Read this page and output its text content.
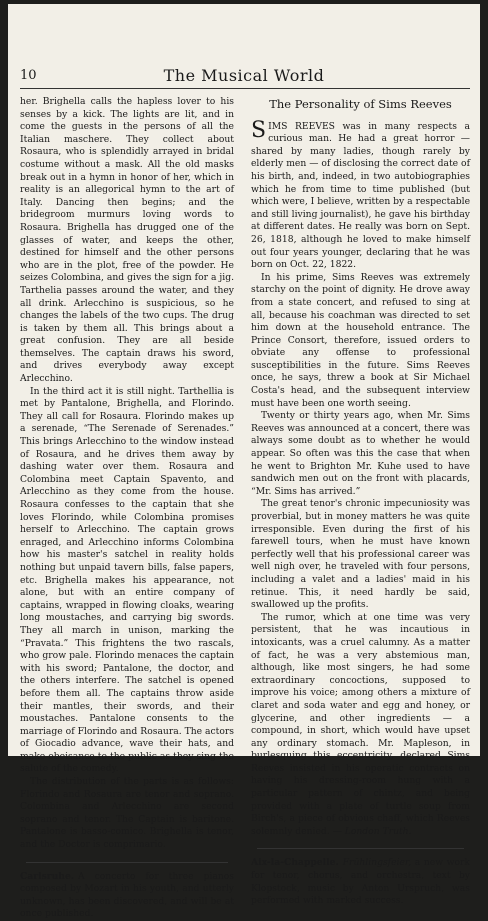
10	The Musical World

her. Brighella calls the hapless lover to his senses by a kick. The lights are lit, and in come the guests in the persons of all the Italian maschere. They collect about Rosaura, who is splendidly arrayed in bridal costume without a mask. All the old masks break out in a hymn in honor of her, which in reality is an allegorical hymn to the art of Italy. Dancing then begins; and the bridegroom murmurs loving words to Rosaura. Brighella has drugged one of the glasses of water, and keeps the other, destined for himself and the other persons who are in the plot, free of the powder. He seizes Colombina, and gives the sign for a jig. Tarthelia passes around the water, and they all drink. Arlecchino is suspicious, so he changes the labels of the two cups. The drug is taken by them all. This brings about a great confusion. They are all beside themselves. The captain draws his sword, and drives everybody away except Arlecchino.

In the third act it is still night. Tarthellia is met by Pantalone, Brighella, and Florindo. They all call for Rosaura. Florindo makes up a serenade, “The Serenade of Serenades.” This brings Arlecchino to the window instead of Rosaura, and he drives them away by dashing water over them. Rosaura and Colombina meet Captain Spavento, and Arlecchino as they come from the house. Rosaura confesses to the captain that she loves Florindo, while Colombina promises herself to Arlecchino. The captain grows enraged, and Arlecchino informs Colombina how his master's satchel in reality holds nothing but unpaid tavern bills, false papers, etc. Brighella makes his appearance, not alone, but with an entire company of captains, wrapped in flowing cloaks, wearing long moustaches, and carrying big swords. They all march in unison, marking the “Pravata.” This frightens the two rascals, who grow pale. Florindo menaces the captain with his sword; Pantalone, the doctor, and the others interfere. The satchel is opened before them all. The captains throw aside their mantles, their swords, and their moustaches. Pantalone consents to the marriage of Florindo and Rosaura. The actors of Giocadio advance, wave their hats, and make obeisance to the public as they sing the salute of the comedy.

The distribution of the parts is as follows: Florindo and Rosaura are tenor and soprano. Colombina and Arlecchino are second soprano and tenor. The Captain is baritone. Pantalone is basso-comico. Brighella is tenor, and the Doctor is comprimario.

Carlsruhe. A concerto for three pianos composed by Mozart in his youth, and utterly unknown, has been discovered, and will be at once published.

The Personality of Sims Reeves

SIMS REEVES was in many respects a curious man. He had a great horror — shared by many ladies, though rarely by elderly men — of disclosing the correct date of his birth, and, indeed, in two autobiographies which he from time to time published (but which were, I believe, written by a respectable and still living journalist), he gave his birthday at different dates. He really was born on Sept. 26, 1818, although he loved to make himself out four years younger, declaring that he was born on Oct. 22, 1822.

In his prime, Sims Reeves was extremely starchy on the point of dignity. He drove away from a state concert, and refused to sing at all, because his coachman was directed to set him down at the household entrance. The Prince Consort, therefore, issued orders to obviate any offense to professional susceptibilities in the future. Sims Reeves once, he says, threw a book at Sir Michael Costa's head, and the subsequent interview must have been one worth seeing.

Twenty or thirty years ago, when Mr. Sims Reeves was announced at a concert, there was always some doubt as to whether he would appear. So often was this the case that when he went to Brighton Mr. Kuhe used to have sandwich men out on the front with placards, “Mr. Sims has arrived.”

The great tenor's chronic impecuniosity was proverbial, but in money matters he was quite irresponsible. Even during the first of his farewell tours, when he must have known perfectly well that his professional career was well nigh over, he traveled with four persons, including a valet and a ladies' maid in his retinue. This, it need hardly be said, swallowed up the profits.

The rumor, which at one time was very persistent, that he was incautious in intoxicants, was a cruel calumny. As a matter of fact, he was a very abstemious man, although, like most singers, he had some extraordinary concoctions, supposed to improve his voice; among others a mixture of claret and soda water and egg and honey, or glycerine, and other ingredients — a compound, in short, which would have upset any ordinary stomach. Mr. Mapleson, in burlesquing this eccentricity, declared Sims Reeves insisted in his operatic contracts on having his dressing-room hung with a particular pattern of chintz, and being provided with a plate of turtle soup from Birch's, a piece of obvious chaff, which Reeves solemnly denied. — London Truth.

Aix-la-Chappelle. Frühlingsfeier, a new work for tenor, chorus, and orchestra, text by Klopstock, music by Anton Urspruch, was performed with marked success.
